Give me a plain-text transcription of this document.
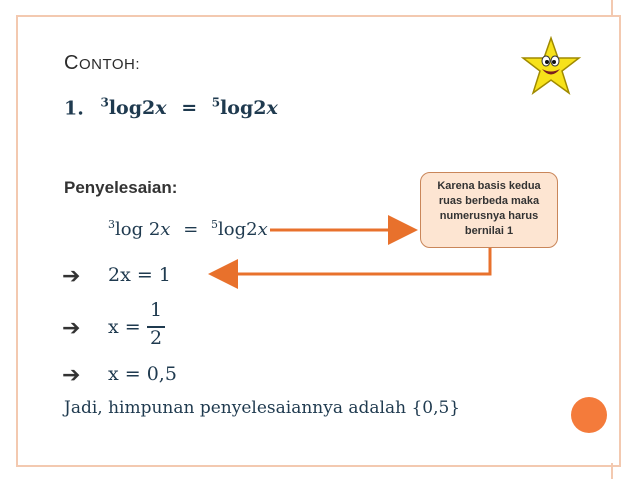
CONTOH:
1. $^3$log2x = $^5$log2x
Penyelesaian:
$^3$log 2x = $^5$log2x
Karena basis kedua ruas berbeda maka numerusnya harus bernilai 1
➔
➔
➔
2x = 1
x =
1
2
x = 0,5
Jadi, himpunan penyelesaiannya adalah {0,5}
